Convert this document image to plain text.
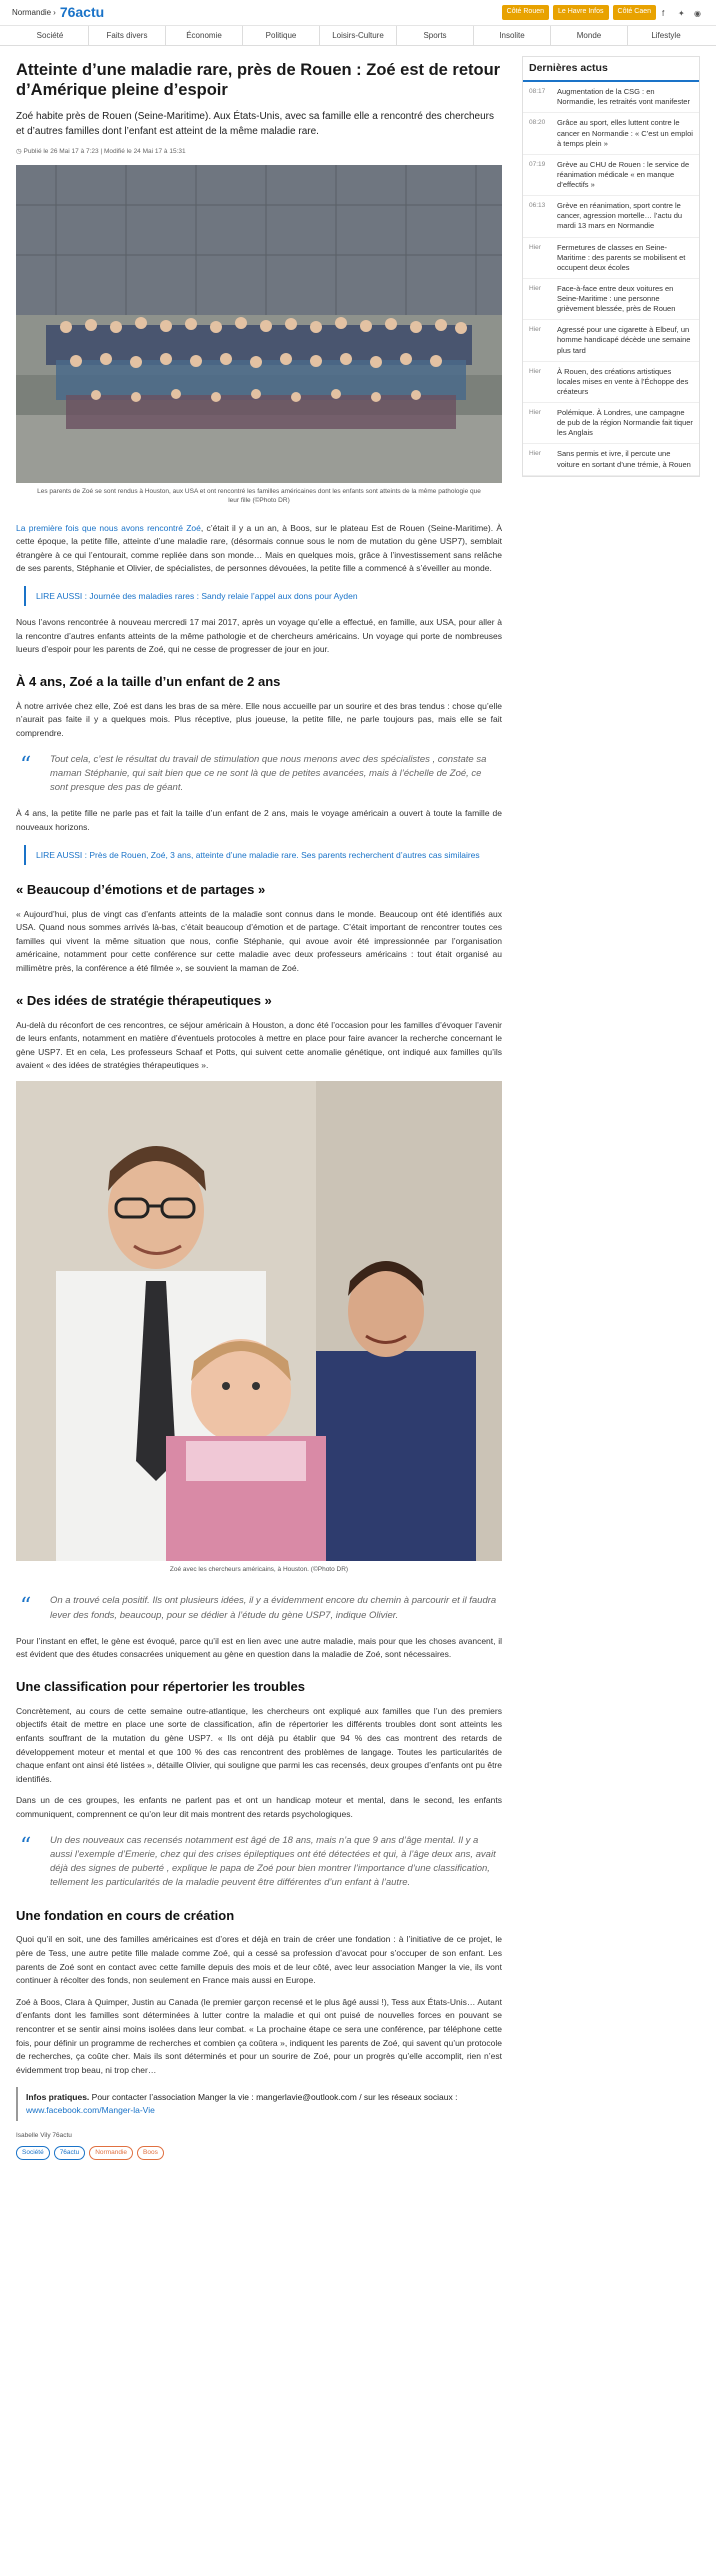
Normandie › 76actu	Côté Rouen	Le Havre Infos	Côté Caen	f	✦	◉
Société	Faits divers	Économie	Politique	Loisirs-Culture	Sports	Insolite	Monde	Lifestyle
Atteinte d’une maladie rare, près de Rouen : Zoé est de retour d’Amérique pleine d’espoir
Zoé habite près de Rouen (Seine-Maritime). Aux États-Unis, avec sa famille elle a rencontré des chercheurs et d’autres familles dont l’enfant est atteint de la même maladie rare.
◷ Publié le 26 Mai 17 à 7:23 | Modifié le 24 Mai 17 à 15:31
Les parents de Zoé se sont rendus à Houston, aux USA et ont rencontré les familles américaines dont les enfants sont atteints de la même pathologie que leur fille (©Photo DR)

La première fois que nous avons rencontré Zoé, c’était il y a un an, à Boos, sur le plateau Est de Rouen (Seine-Maritime). À cette époque, la petite fille, atteinte d’une maladie rare, (désormais connue sous le nom de mutation du gène USP7), semblait étrangère à ce qui l’entourait, comme repliée dans son monde… Mais en quelques mois, grâce à l’investissement sans relâche de ses parents, Stéphanie et Olivier, de spécialistes, de personnes dévouées, la petite fille a commencé à s’éveiller au monde.

LIRE AUSSI : Journée des maladies rares : Sandy relaie l’appel aux dons pour Ayden

Nous l’avons rencontrée à nouveau mercredi 17 mai 2017, après un voyage qu’elle a effectué, en famille, aux USA, pour aller à la rencontre d’autres enfants atteints de la même pathologie et de chercheurs américains. Un voyage qui porte de nombreuses lueurs d’espoir pour les parents de Zoé, qui ne cesse de progresser de jour en jour.

À 4 ans, Zoé a la taille d’un enfant de 2 ans

À notre arrivée chez elle, Zoé est dans les bras de sa mère. Elle nous accueille par un sourire et des bras tendus : chose qu’elle n’aurait pas faite il y a quelques mois. Plus réceptive, plus joueuse, la petite fille, ne parle toujours pas, mais elle se fait comprendre.

“ Tout cela, c’est le résultat du travail de stimulation que nous menons avec des spécialistes , constate sa maman Stéphanie, qui sait bien que ce ne sont là que de petites avancées, mais à l’échelle de Zoé, ce sont presque des pas de géant.

À 4 ans, la petite fille ne parle pas et fait la taille d’un enfant de 2 ans, mais le voyage américain a ouvert à toute la famille de nouveaux horizons.

LIRE AUSSI : Près de Rouen, Zoé, 3 ans, atteinte d’une maladie rare. Ses parents recherchent d’autres cas similaires
« Beaucoup d’émotions et de partages »

« Aujourd’hui, plus de vingt cas d’enfants atteints de la maladie sont connus dans le monde. Beaucoup ont été identifiés aux USA. Quand nous sommes arrivés là-bas, c’était beaucoup d’émotion et de partage. C’était important de rencontrer toutes ces familles qui vivent la même situation que nous, confie Stéphanie, qui avoue avoir été impressionnée par l’organisation américaine, notamment pour cette conférence sur cette maladie avec deux professeurs américains : tout était organisé au millimètre près, la conférence a été filmée », se souvient la maman de Zoé.

« Des idées de stratégie thérapeutiques »

Au-delà du réconfort de ces rencontres, ce séjour américain à Houston, a donc été l’occasion pour les familles d’évoquer l’avenir de leurs enfants, notamment en matière d’éventuels protocoles à mettre en place pour faire avancer la recherche concernant le gène USP7. Et en cela, Les professeurs Schaaf et Potts, qui suivent cette anomalie génétique, ont indiqué aux familles qu’ils avaient « des idées de stratégies thérapeutiques ».

Zoé avec les chercheurs américains, à Houston. (©Photo DR)
“ On a trouvé cela positif. Ils ont plusieurs idées, il y a évidemment encore du chemin à parcourir et il faudra lever des fonds, beaucoup, pour se dédier à l’étude du gène USP7, indique Olivier.

Pour l’instant en effet, le gène est évoqué, parce qu’il est en lien avec une autre maladie, mais pour que les choses avancent, il est évident que des études consacrées uniquement au gène en question dans la maladie de Zoé, sont nécessaires.

Une classification pour répertorier les troubles

Concrètement, au cours de cette semaine outre-atlantique, les chercheurs ont expliqué aux familles que l’un des premiers objectifs était de mettre en place une sorte de classification, afin de répertorier les différents troubles dont sont atteints les enfants souffrant de la mutation du gène USP7. « Ils ont déjà pu établir que 94 % des cas montrent des retards de développement moteur et mental et que 100 % des cas rencontrent des problèmes de langage. Toutes les particularités de chaque enfant ont ainsi été listées », détaille Olivier, qui souligne que parmi les cas recensés, deux groupes d’enfants ont pu être identifiés.

Dans un de ces groupes, les enfants ne parlent pas et ont un handicap moteur et mental, dans le second, les enfants communiquent, comprennent ce qu’on leur dit mais montrent des retards psychologiques.

“ Un des nouveaux cas recensés notamment est âgé de 18 ans, mais n’a que 9 ans d’âge mental. Il y a aussi l’exemple d’Emerie, chez qui des crises épileptiques ont été détectées et qui, à l’âge deux ans, avait déjà des signes de puberté , explique le papa de Zoé pour bien montrer l’importance d’une classification, tellement les particularités de la maladie peuvent être différentes d’un enfant à l’autre.
Une fondation en cours de création

Quoi qu’il en soit, une des familles américaines est d’ores et déjà en train de créer une fondation : à l’initiative de ce projet, le père de Tess, une autre petite fille malade comme Zoé, qui a cessé sa profession d’avocat pour s’occuper de son enfant. Les parents de Zoé sont en contact avec cette famille depuis des mois et de leur côté, avec leur association Manger la vie, ils vont continuer à récolter des fonds, non seulement en France mais aussi en Europe.

Zoé à Boos, Clara à Quimper, Justin au Canada (le premier garçon recensé et le plus âgé aussi !), Tess aux États-Unis… Autant d’enfants dont les familles sont déterminées à lutter contre la maladie et qui ont puisé de nouvelles forces en pouvant se rencontrer et se sentir ainsi moins isolées dans leur combat. « La prochaine étape ce sera une conférence, par téléphone cette fois, pour définir un programme de recherches et combien ça coûtera », indiquent les parents de Zoé, qui savent qu’un protocole de recherches, ça coûte cher. Mais ils sont déterminés et pour un sourire de Zoé, pour un progrès qu’elle accomplit, rien n’est évidemment trop beau, ni trop cher…

Infos pratiques. Pour contacter l’association Manger la vie : mangerlavie@outlook.com / sur les réseaux sociaux : www.facebook.com/Manger-la-Vie
Isabelle Vily 76actu
Société	76actu	Normandie	Boos
Dernières actus
08:17	Augmentation de la CSG : en Normandie, les retraités vont manifester
08:20	Grâce au sport, elles luttent contre le cancer en Normandie : « C’est un emploi à temps plein »
07:19	Grève au CHU de Rouen : le service de réanimation médicale « en manque d’effectifs »
06:13	Grève en réanimation, sport contre le cancer, agression mortelle… l’actu du mardi 13 mars en Normandie
Hier	Fermetures de classes en Seine-Maritime : des parents se mobilisent et occupent deux écoles
Hier	Face-à-face entre deux voitures en Seine-Maritime : une personne grièvement blessée, près de Rouen
Hier	Agressé pour une cigarette à Elbeuf, un homme handicapé décède une semaine plus tard
Hier	À Rouen, des créations artistiques locales mises en vente à l’Échoppe des créateurs
Hier	Polémique. À Londres, une campagne de pub de la région Normandie fait tiquer les Anglais
Hier	Sans permis et ivre, il percute une voiture en sortant d’une trémie, à Rouen
